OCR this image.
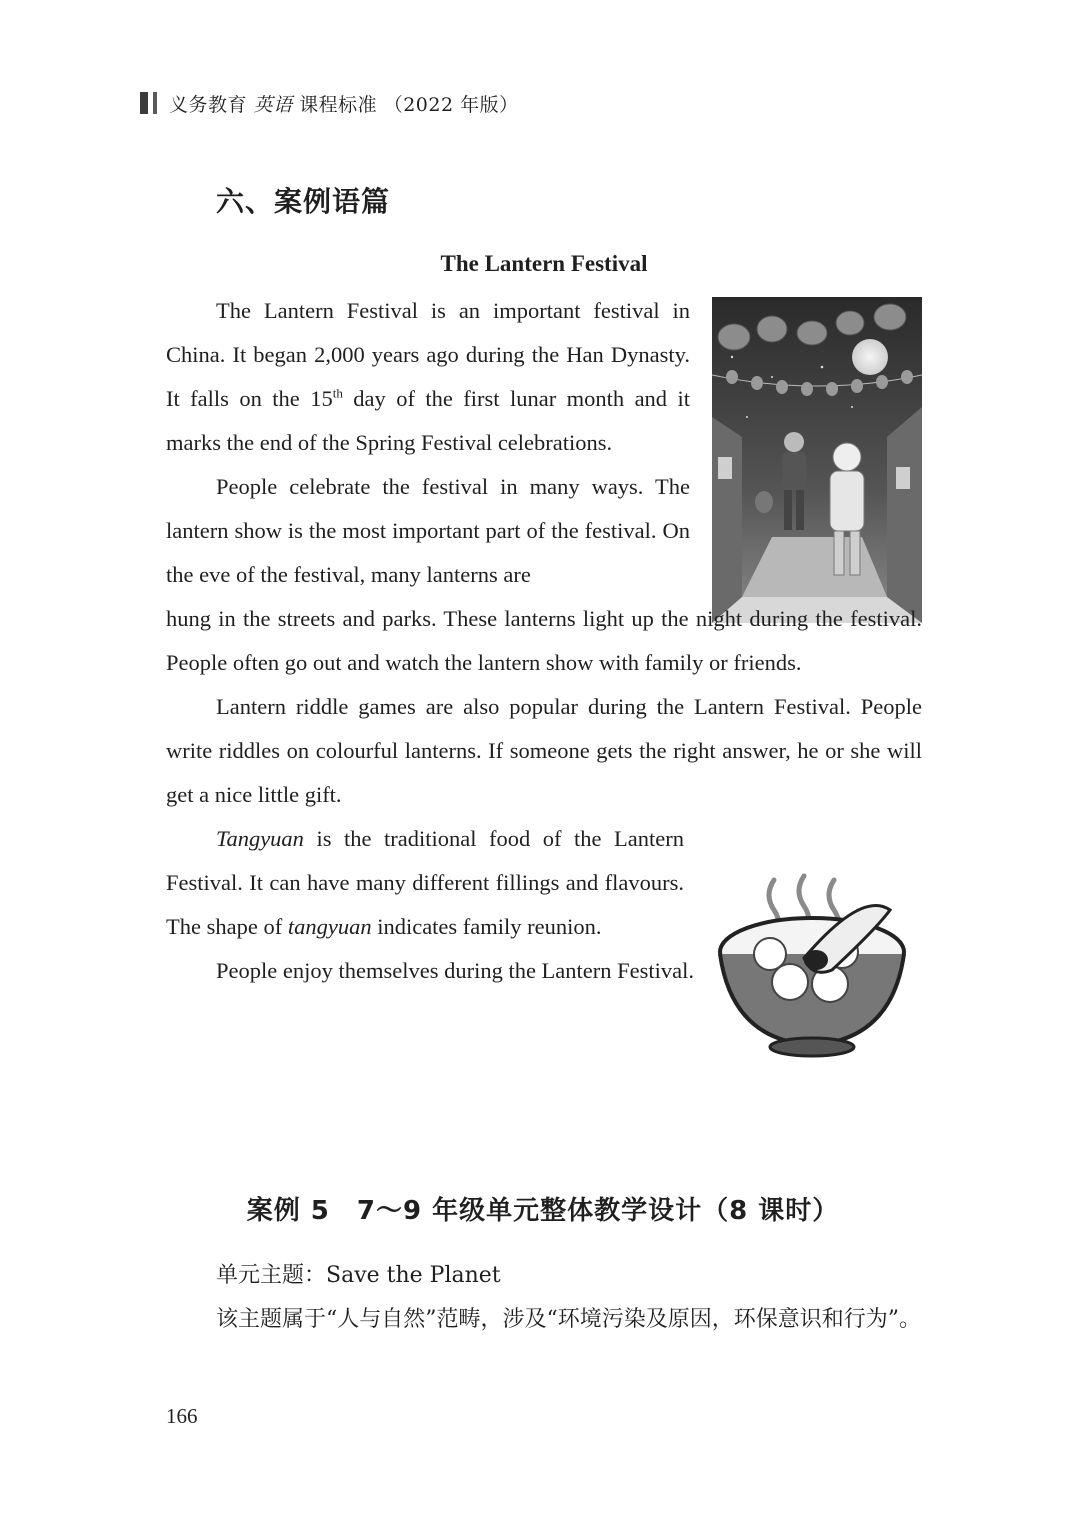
义务教育 英语 课程标准 （2022 年版）
六、案例语篇
The Lantern Festival

The Lantern Festival is an important festival in China. It began 2,000 years ago during the Han Dynasty. It falls on the 15th day of the first lunar month and it marks the end of the Spring Festival celebrations.

People celebrate the festival in many ways. The lantern show is the most important part of the festival. On the eve of the festival, many lanterns are

hung in the streets and parks. These lanterns light up the night during the festival. People often go out and watch the lantern show with family or friends.

Lantern riddle games are also popular during the Lantern Festival. People write riddles on colourful lanterns. If someone gets the right answer, he or she will get a nice little gift.

Tangyuan is the traditional food of the Lantern Festival. It can have many different fillings and flavours. The shape of tangyuan indicates family reunion.

People enjoy themselves during the Lantern Festival.

案例 5　7～9 年级单元整体教学设计（8 课时）
单元主题：Save the Planet
该主题属于“人与自然”范畴，涉及“环境污染及原因，环保意识和行为”。
166
